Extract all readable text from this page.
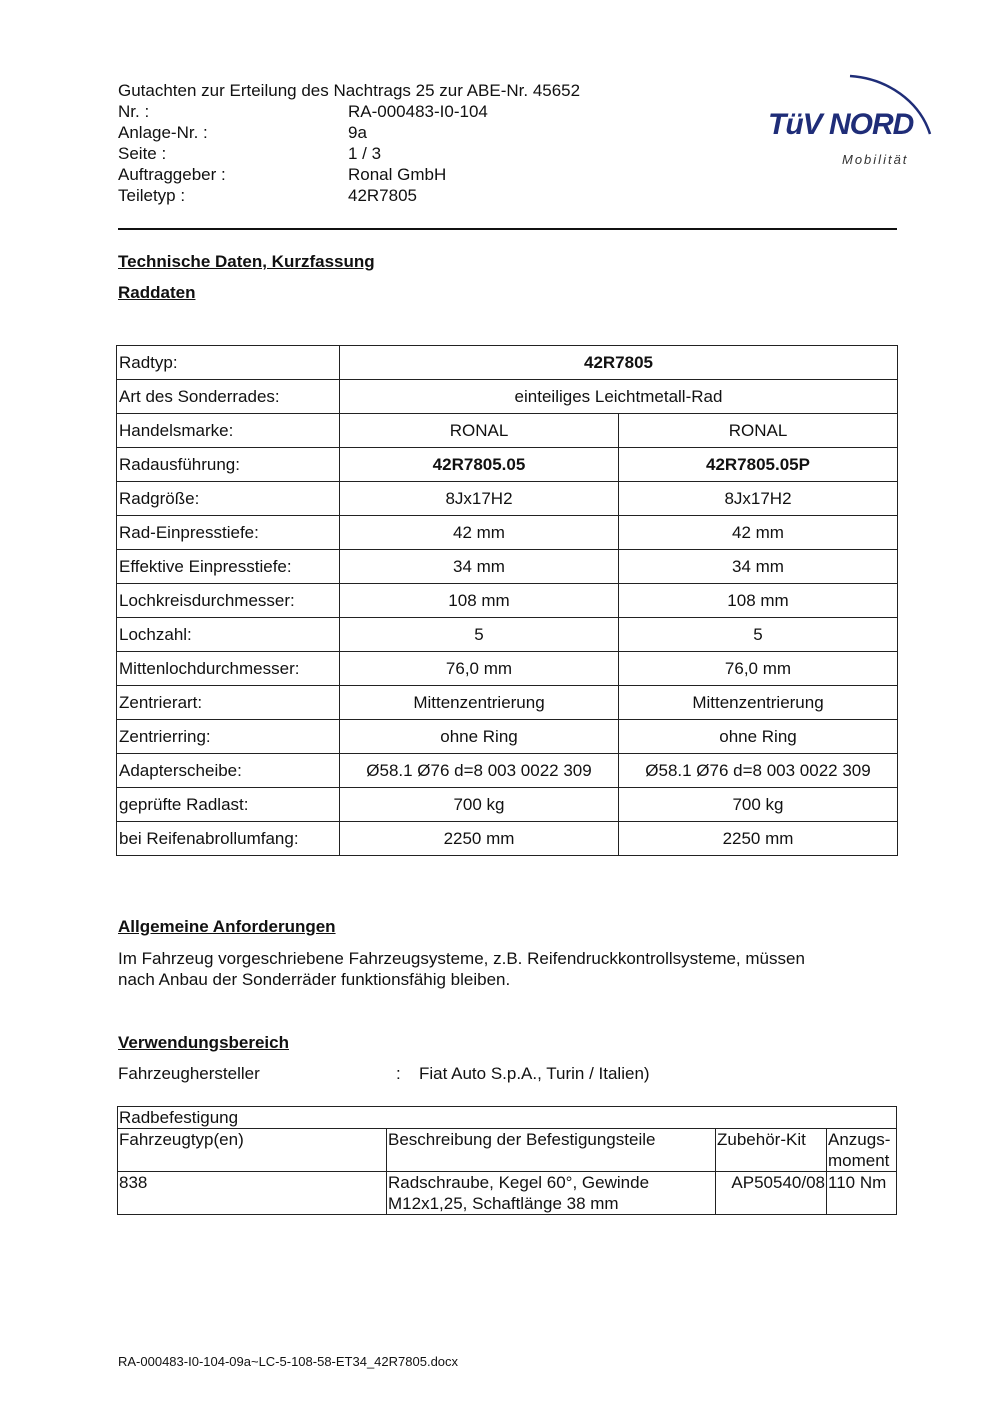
Gutachten zur Erteilung des Nachtrags 25 zur ABE-Nr. 45652
Nr. :	RA-000483-I0-104
Anlage-Nr. :	9a
Seite :	1 / 3
Auftraggeber :	Ronal GmbH
Teiletyp :	42R7805
TüV NORD
Mobilität
Technische Daten, Kurzfassung
Raddaten
Radtyp:	42R7805	
Art des Sonderrades:	einteiliges Leichtmetall-Rad	
Handelsmarke:	RONAL	RONAL
Radausführung:	42R7805.05	42R7805.05P
Radgröße:	8Jx17H2	8Jx17H2
Rad-Einpresstiefe:	42 mm	42 mm
Effektive Einpresstiefe:	34 mm	34 mm
Lochkreisdurchmesser:	108 mm	108 mm
Lochzahl:	5	5
Mittenlochdurchmesser:	76,0 mm	76,0 mm
Zentrierart:	Mittenzentrierung	Mittenzentrierung
Zentrierring:	ohne Ring	ohne Ring
Adapterscheibe:	Ø58.1 Ø76 d=8 003 0022 309	Ø58.1 Ø76 d=8 003 0022 309
geprüfte Radlast:	700 kg	700 kg
bei Reifenabrollumfang:	2250 mm	2250 mm
Allgemeine Anforderungen
Im Fahrzeug vorgeschriebene Fahrzeugsysteme, z.B. Reifendruckkontrollsysteme, müssen
nach Anbau der Sonderräder funktionsfähig bleiben.
Verwendungsbereich
Fahrzeughersteller	:	Fiat Auto S.p.A., Turin / Italien)
Radbefestigung			
Fahrzeugtyp(en)	Beschreibung der Befestigungsteile	Zubehör-Kit	Anzugs-
moment

838	Radschraube, Kegel 60°, Gewinde
M12x1,25, Schaftlänge 38 mm	AP50540/08	110 Nm
RA-000483-I0-104-09a~LC-5-108-58-ET34_42R7805.docx
